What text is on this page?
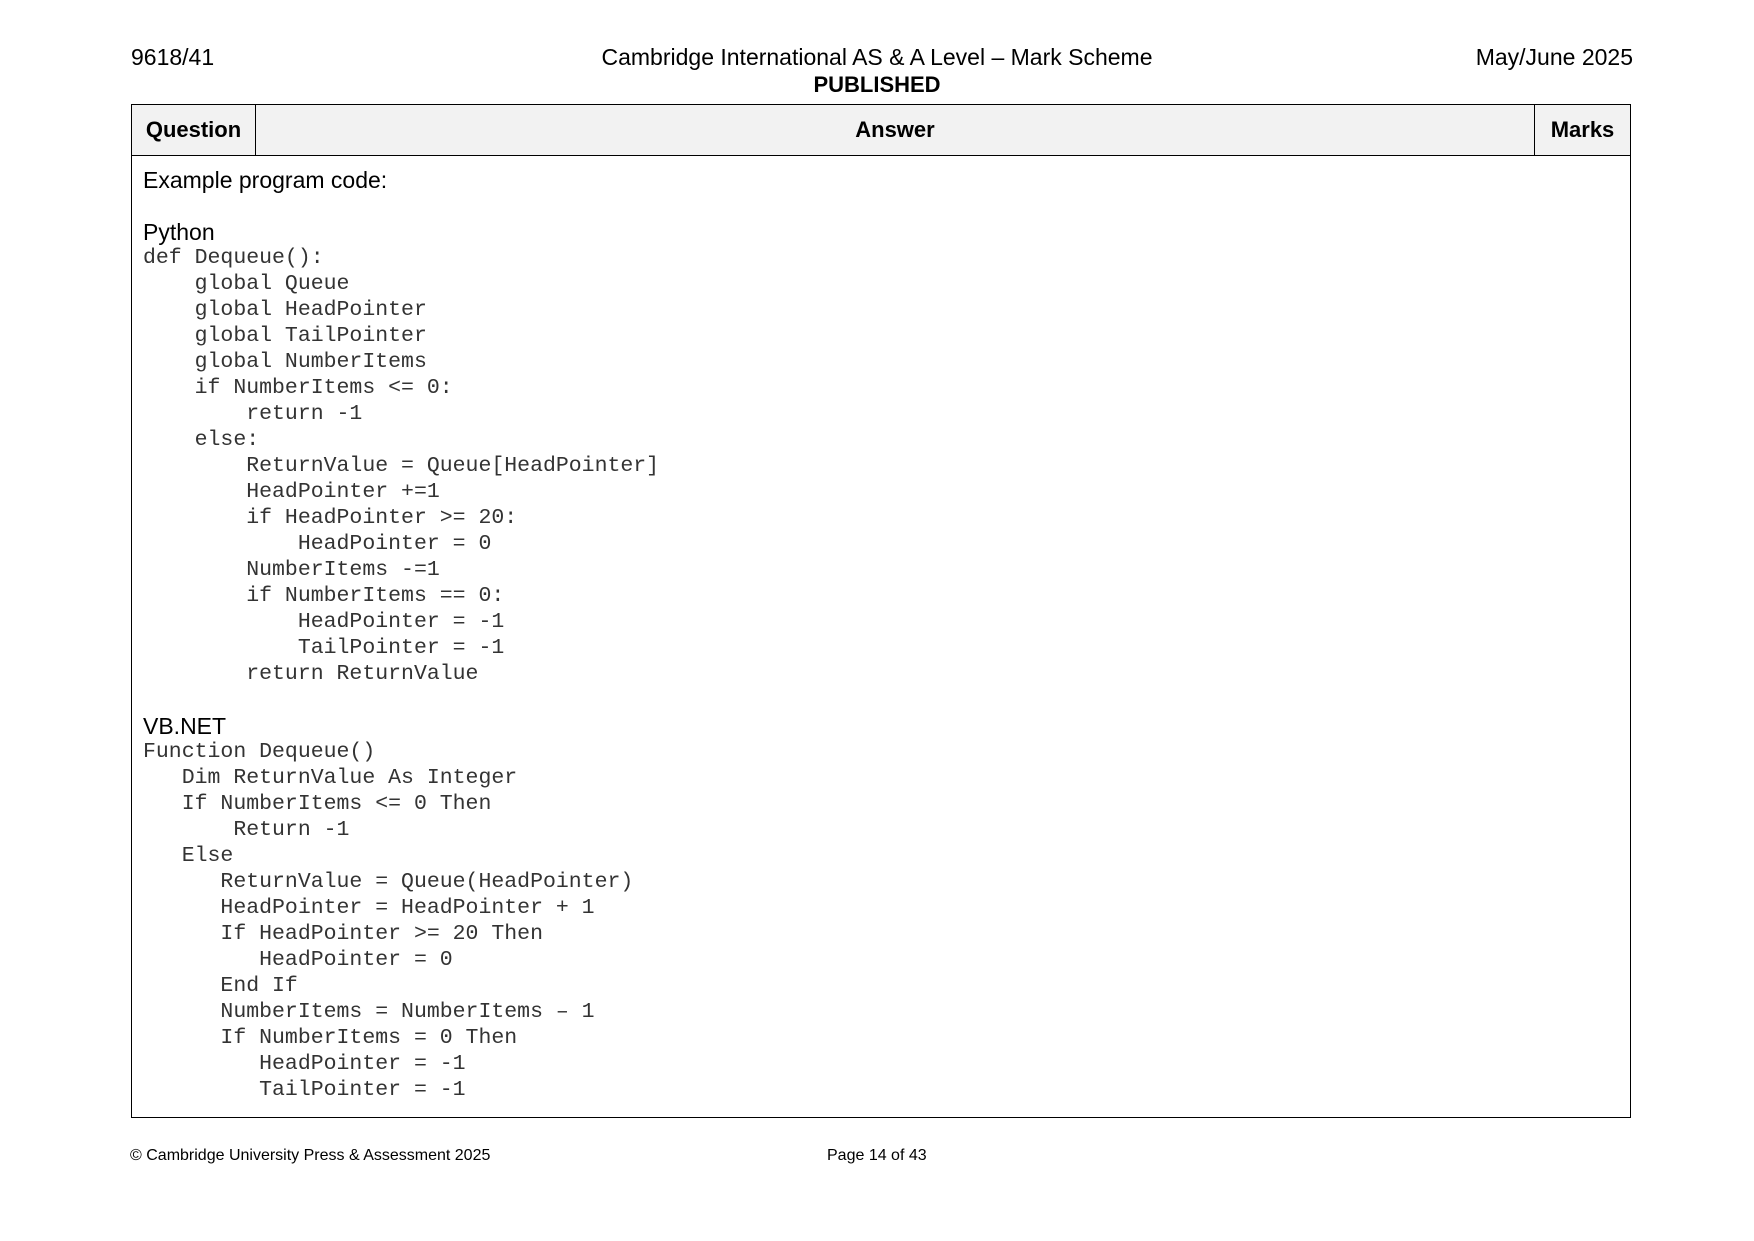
9618/41	Cambridge International AS & A Level – Mark Scheme
PUBLISHED
May/June 2025
Question	Answer	Marks
Example program code:
Python
def Dequeue():
global Queue
global HeadPointer
global TailPointer
global NumberItems
if NumberItems <= 0:
return -1
else:
ReturnValue = Queue[HeadPointer]
HeadPointer +=1
if HeadPointer >= 20:
HeadPointer = 0
NumberItems -=1
if NumberItems == 0:
HeadPointer = -1
TailPointer = -1
return ReturnValue
VB.NET
Function Dequeue()
Dim ReturnValue As Integer
If NumberItems <= 0 Then
Return -1
Else
ReturnValue = Queue(HeadPointer)
HeadPointer = HeadPointer + 1
If HeadPointer >= 20 Then
HeadPointer = 0
End If
NumberItems = NumberItems – 1
If NumberItems = 0 Then
HeadPointer = -1
TailPointer = -1
© Cambridge University Press & Assessment 2025	Page 14 of 43
